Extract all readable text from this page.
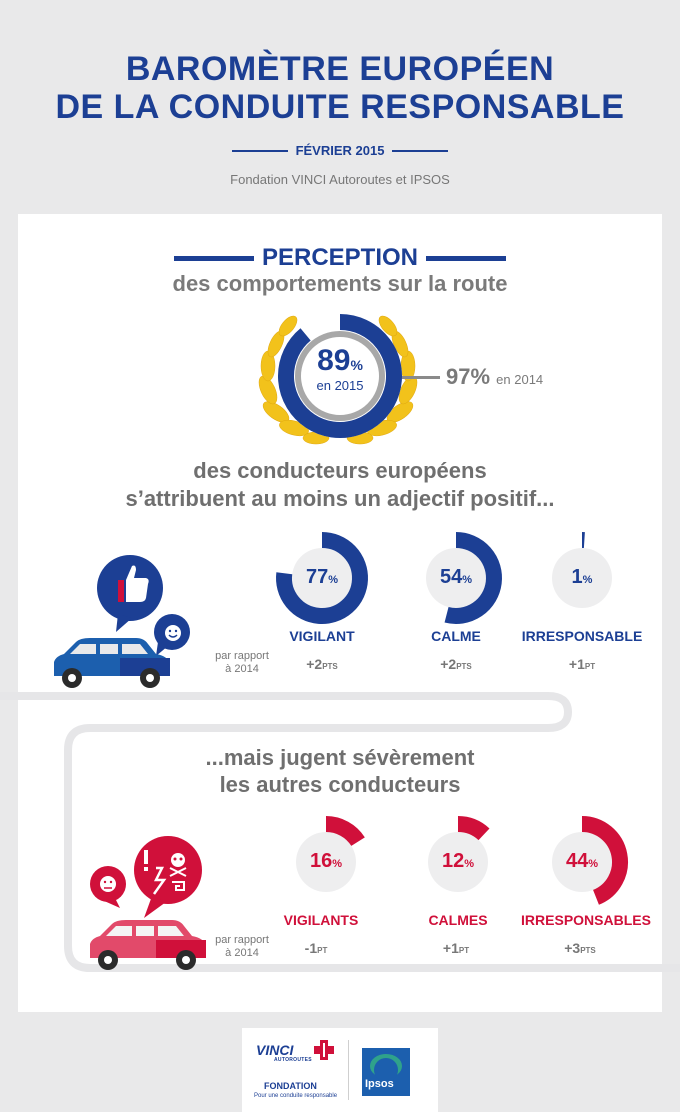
BAROMÈTRE EUROPÉEN
DE LA CONDUITE RESPONSABLE
FÉVRIER 2015
Fondation VINCI Autoroutes et IPSOS
PERCEPTION
des comportements sur la route
89%
en 2015	97% en 2014
des conducteurs européens
s’attribuent au moins un adjectif positif...
par rapport
à 2014
77%	54%	1%
VIGILANT	CALME	IRRESPONSABLE
+2PTS	+2PTS	+1PT
...mais jugent sévèrement
les autres conducteurs
par rapport
à 2014
16%	12%	44%
VIGILANTS	CALMES	IRRESPONSABLES
-1PT	+1PT	+3PTS
VINCI
AUTOROUTES
FONDATION
Pour une conduite responsable
Ipsos
